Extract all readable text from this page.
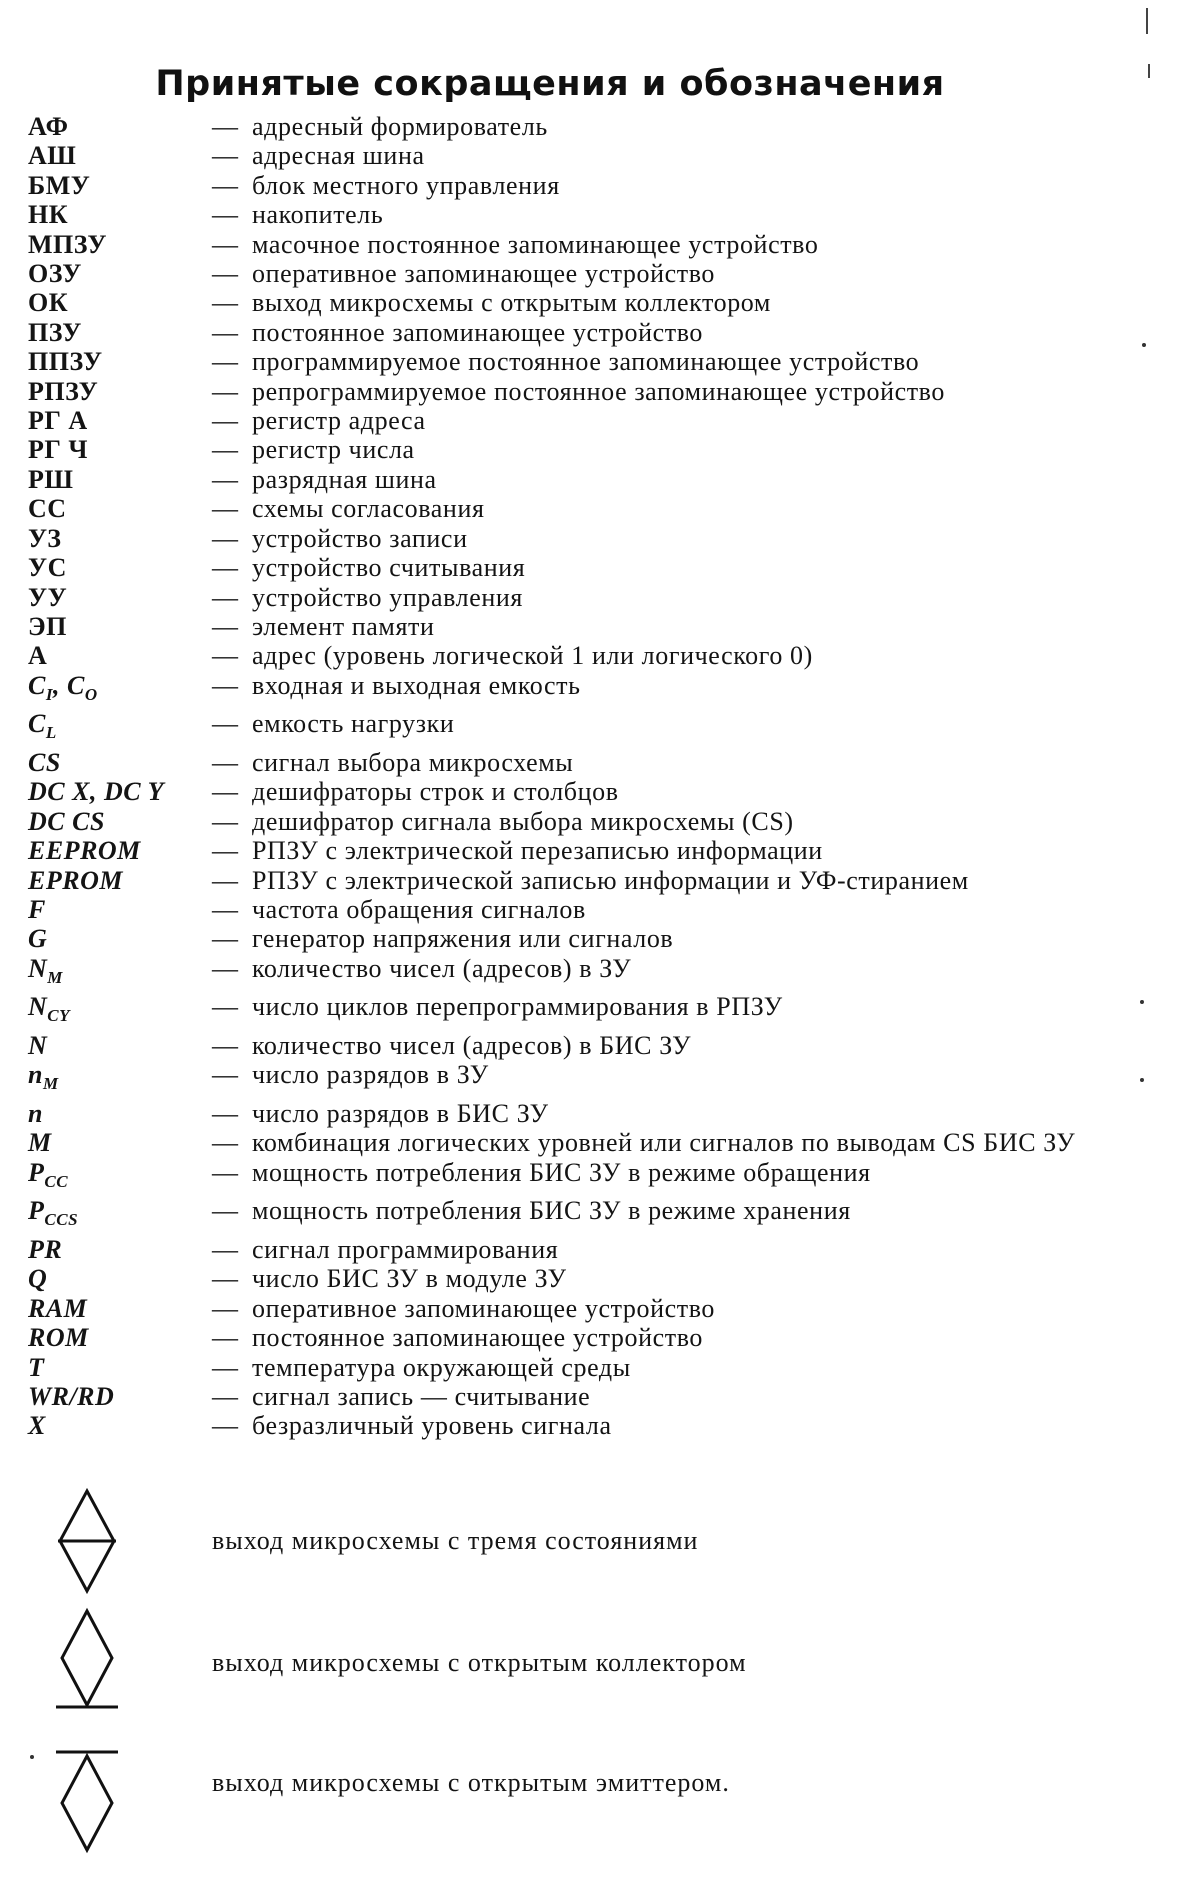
Принятые сокращения и обозначения
АФ	— адресный формирователь
АШ	— адресная шина
БМУ	— блок местного управления
НК	— накопитель
МПЗУ	— масочное постоянное запоминающее устройство
ОЗУ	— оперативное запоминающее устройство
ОК	— выход микросхемы с открытым коллектором
ПЗУ	— постоянное запоминающее устройство
ППЗУ	— программируемое постоянное запоминающее устройство
РПЗУ	— репрограммируемое постоянное запоминающее устройство
РГ А	— регистр адреса
РГ Ч	— регистр числа
РШ	— разрядная шина
СС	— схемы согласования
УЗ	— устройство записи
УС	— устройство считывания
УУ	— устройство управления
ЭП	— элемент памяти
A	— адрес (уровень логической 1 или логического 0)
$C_I$, $C_O$	— входная и выходная емкость
$C_L$	— емкость нагрузки
CS	— сигнал выбора микросхемы
DC X, DC Y	— дешифраторы строк и столбцов
DC CS	— дешифратор сигнала выбора микросхемы (CS)
EEPROM	— РПЗУ с электрической перезаписью информации
EPROM	— РПЗУ с электрической записью информации и УФ-стиранием
F	— частота обращения сигналов
G	— генератор напряжения или сигналов
$N_M$	— количество чисел (адресов) в ЗУ
$N_{CY}$	— число циклов перепрограммирования в РПЗУ
N	— количество чисел (адресов) в БИС ЗУ
$n_M$	— число разрядов в ЗУ
n	— число разрядов в БИС ЗУ
M	— комбинация логических уровней или сигналов по выводам CS БИС ЗУ
$P_{CC}$	— мощность потребления БИС ЗУ в режиме обращения
$P_{CCS}$	— мощность потребления БИС ЗУ в режиме хранения
PR	— сигнал программирования
Q	— число БИС ЗУ в модуле ЗУ
RAM	— оперативное запоминающее устройство
ROM	— постоянное запоминающее устройство
T	— температура окружающей среды
WR/RD	— сигнал запись — считывание
X	— безразличный уровень сигнала
выход микросхемы с тремя состояниями
выход микросхемы с открытым коллектором
выход микросхемы с открытым эмиттером.
